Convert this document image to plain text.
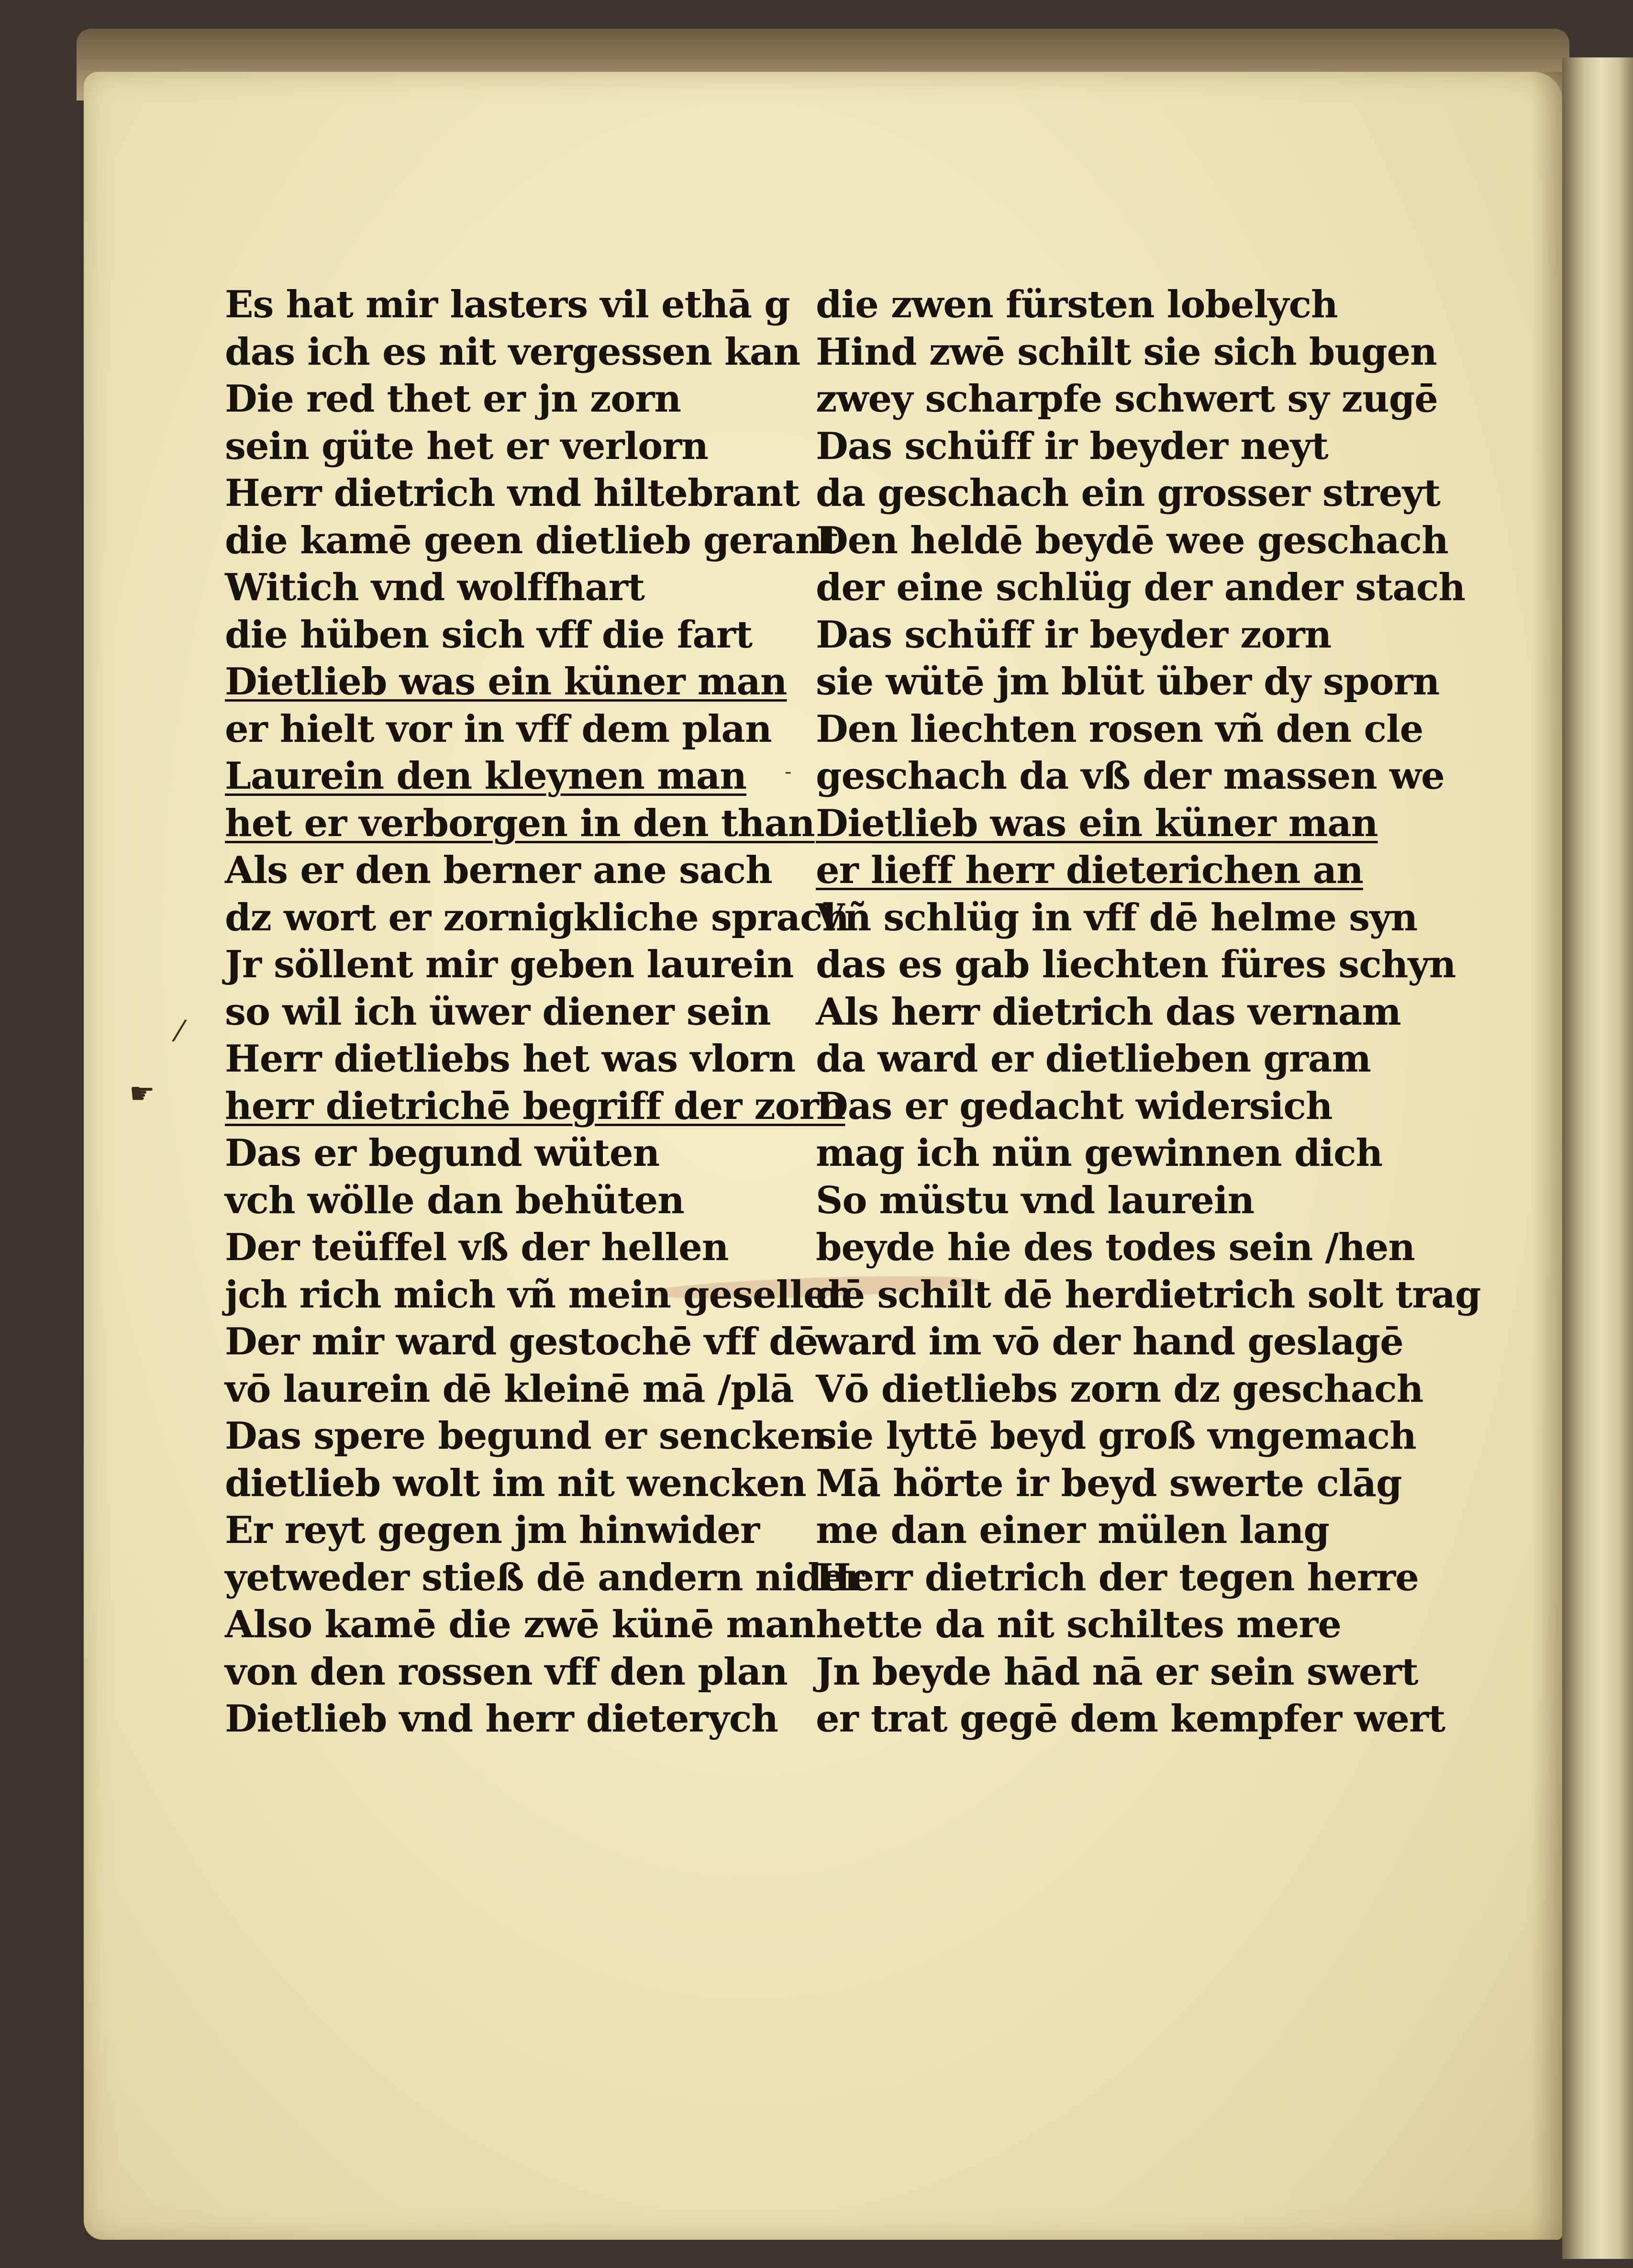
☛
⁄
-
Es hat mir lasters vil ethā g
das ich es nit vergessen kan
Die red thet er jn zorn
sein güte het er verlorn
Herr dietrich vnd hiltebrant
die kamē geen dietlieb gerant
Witich vnd wolffhart
die hüben sich vff die fart
Dietlieb was ein küner man
er hielt vor in vff dem plan
Laurein den kleynen man
het er verborgen in den than
Als er den berner ane sach
dz wort er zornigkliche sprach
Jr söllent mir geben laurein
so wil ich üwer diener sein
Herr dietliebs het was vlorn
herr dietrichē begriff der zorn
Das er begund wüten
vch wölle dan behüten
Der teüffel vß der hellen
jch rich mich vñ mein gesellen
Der mir ward gestochē vff dē
vō laurein dē kleinē mā /plā
Das spere begund er sencken
dietlieb wolt im nit wencken
Er reyt gegen jm hinwider
yetweder stieß dē andern nider
Also kamē die zwē künē man
von den rossen vff den plan
Dietlieb vnd herr dieterych
die zwen fürsten lobelych
Hind zwē schilt sie sich bugen
zwey scharpfe schwert sy zugē
Das schüff ir beyder neyt
da geschach ein grosser streyt
Den heldē beydē wee geschach
der eine schlüg der ander stach
Das schüff ir beyder zorn
sie wütē jm blüt über dy sporn
Den liechten rosen vñ den cle
geschach da vß der massen we
Dietlieb was ein küner man
er lieff herr dieterichen an
Vñ schlüg in vff dē helme syn
das es gab liechten füres schyn
Als herr dietrich das vernam
da ward er dietlieben gram
Das er gedacht widersich
mag ich nün gewinnen dich
So müstu vnd laurein
beyde hie des todes sein /hen
dē schilt dē herdietrich solt trag
ward im vō der hand geslagē
Vō dietliebs zorn dz geschach
sie lyttē beyd groß vngemach
Mā hörte ir beyd swerte clāg
me dan einer mülen lang
Herr dietrich der tegen herre
hette da nit schiltes mere
Jn beyde hād nā er sein swert
er trat gegē dem kempfer wert
